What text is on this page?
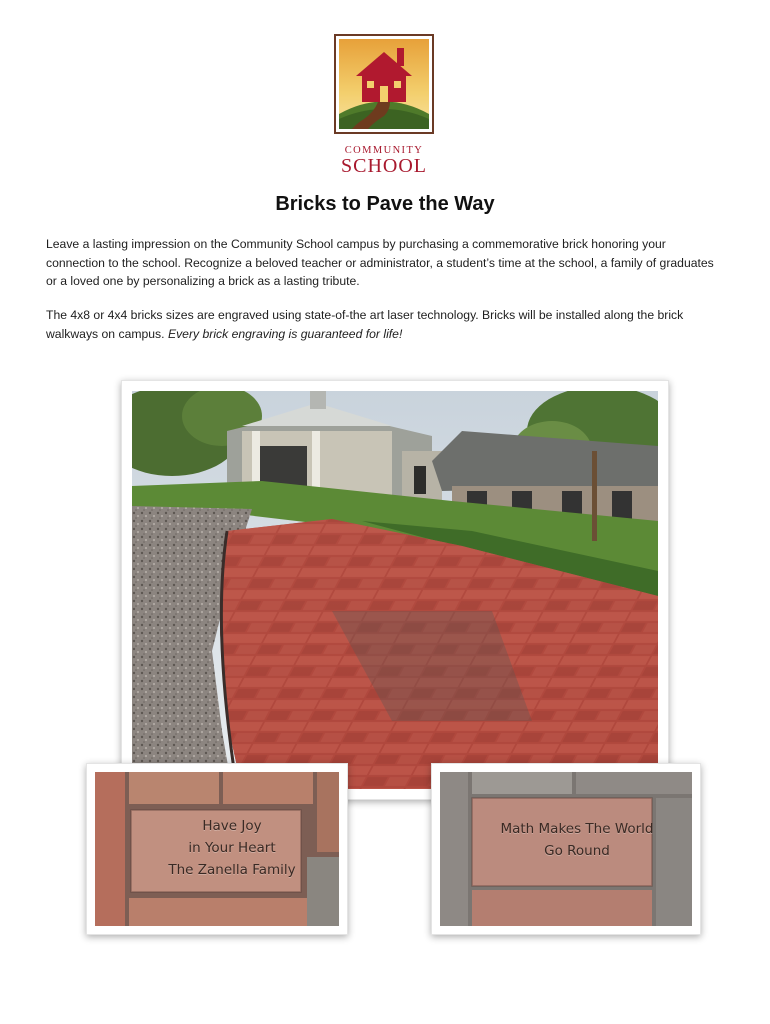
COMMUNITY
SCHOOL
Bricks to Pave the Way

Leave a lasting impression on the Community School campus by purchasing a commemorative brick honoring your connection to the school. Recognize a beloved teacher or administrator, a student’s time at the school, a family of graduates or a loved one by personalizing a brick as a lasting tribute.

The 4x8 or 4x4 bricks sizes are engraved using state-of-the art laser technology. Bricks will be installed along the brick walkways on campus. Every brick engraving is guaranteed for life!

Have Joy
in Your Heart
The Zanella Family
Math Makes The World
Go Round
